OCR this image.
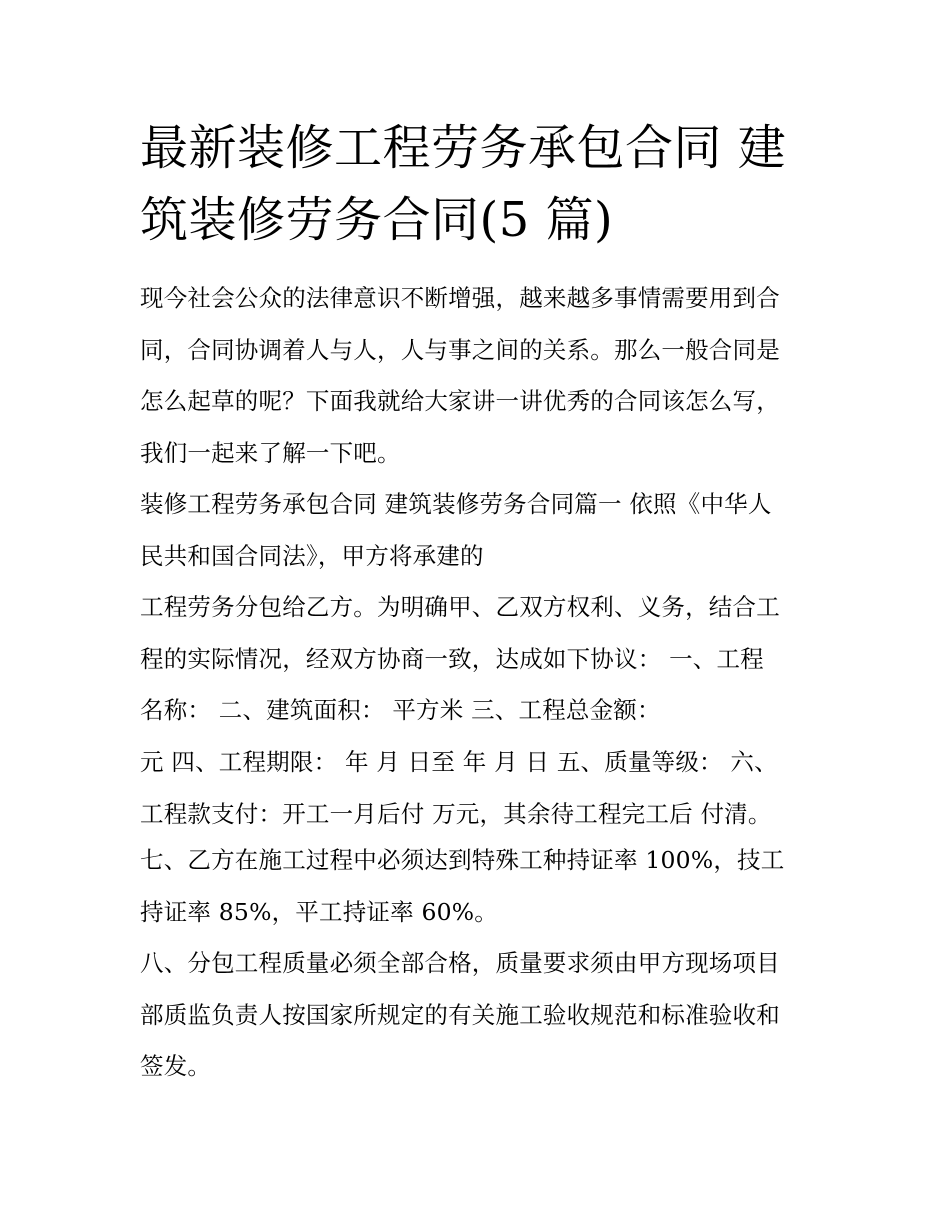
最新装修工程劳务承包合同 建
筑装修劳务合同(5 篇)

现今社会公众的法律意识不断增强，越来越多事情需要用到合
同，合同协调着人与人，人与事之间的关系。那么一般合同是
怎么起草的呢？下面我就给大家讲一讲优秀的合同该怎么写，
我们一起来了解一下吧。

装修工程劳务承包合同 建筑装修劳务合同篇一 依照《中华人
民共和国合同法》，甲方将承建的

工程劳务分包给乙方。为明确甲、乙双方权利、义务，结合工
程的实际情况，经双方协商一致，达成如下协议： 一、工程
名称： 二、建筑面积： 平方米 三、工程总金额：

元 四、工程期限： 年 月 日至 年 月 日 五、质量等级： 六、
工程款支付：开工一月后付 万元，其余待工程完工后 付清。

七、乙方在施工过程中必须达到特殊工种持证率 100%，技工
持证率 85%，平工持证率 60%。

八、分包工程质量必须全部合格，质量要求须由甲方现场项目
部质监负责人按国家所规定的有关施工验收规范和标准验收和
签发。
